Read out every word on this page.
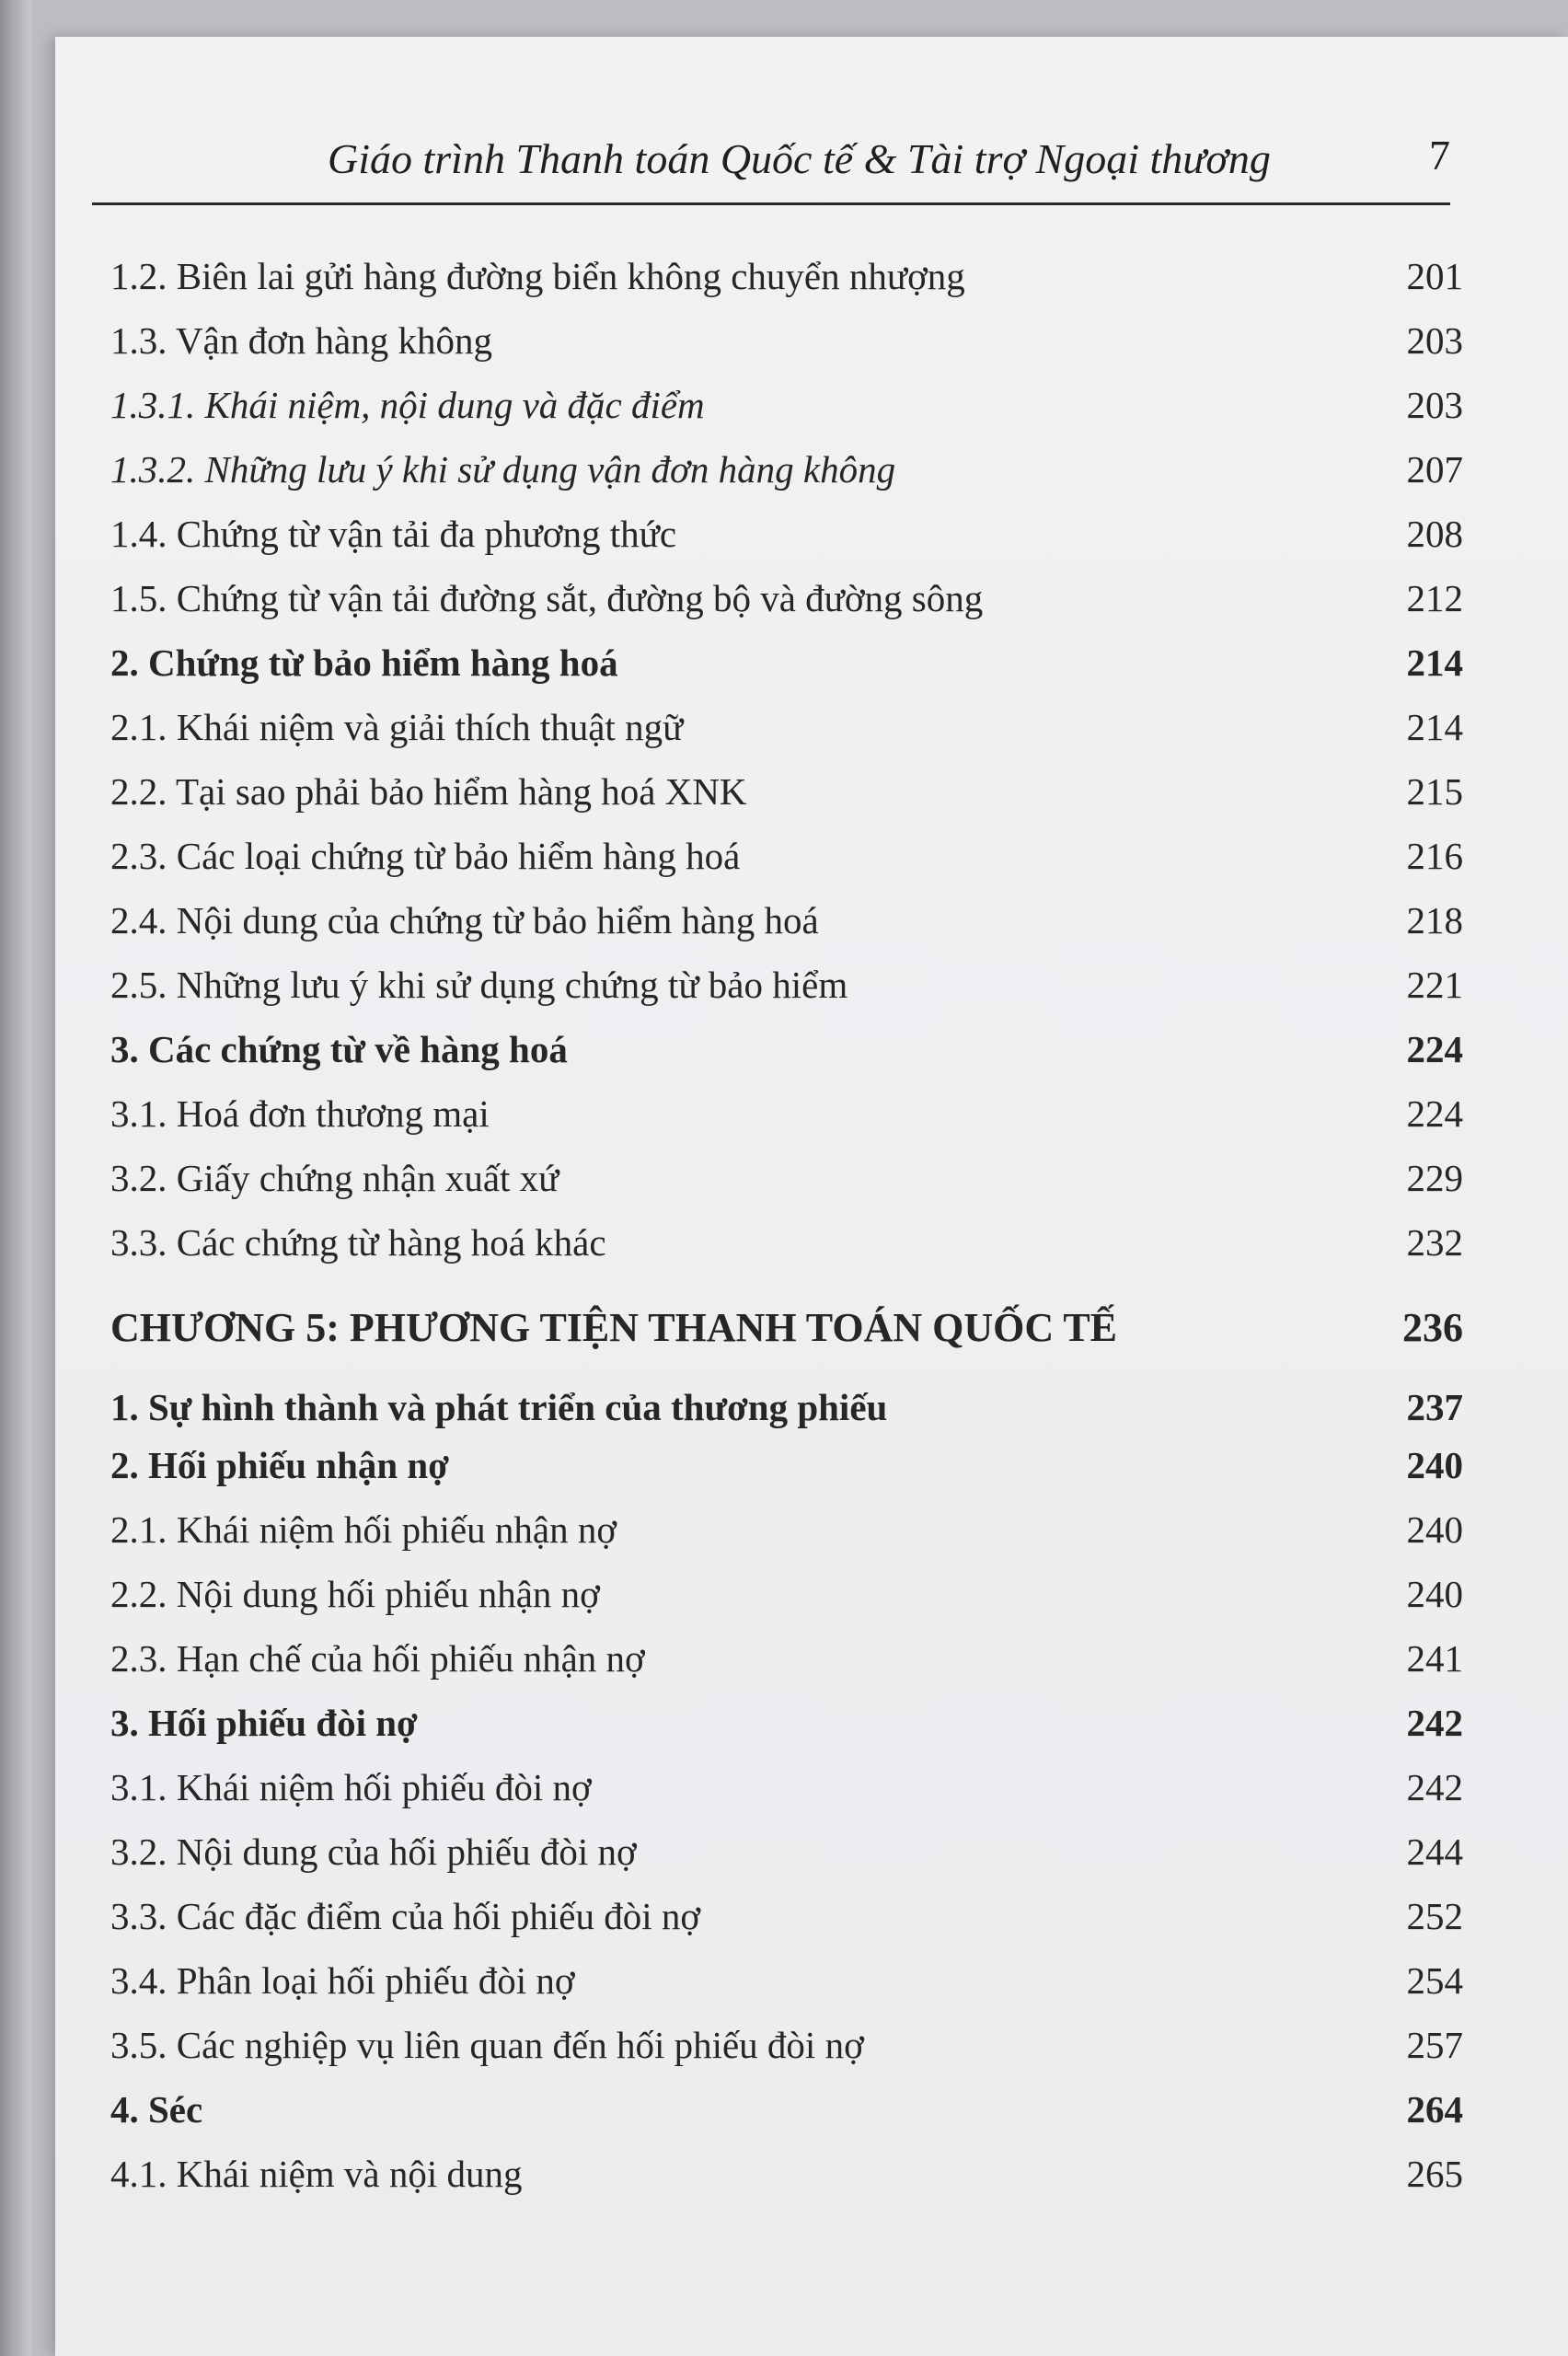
Giáo trình Thanh toán Quốc tế & Tài trợ Ngoại thương	7
1.2. Biên lai gửi hàng đường biển không chuyển nhượng	201
1.3. Vận đơn hàng không	203
1.3.1. Khái niệm, nội dung và đặc điểm	203
1.3.2. Những lưu ý khi sử dụng vận đơn hàng không	207
1.4. Chứng từ vận tải đa phương thức	208
1.5. Chứng từ vận tải đường sắt, đường bộ và đường sông	212
2. Chứng từ bảo hiểm hàng hoá	214
2.1. Khái niệm và giải thích thuật ngữ	214
2.2. Tại sao phải bảo hiểm hàng hoá XNK	215
2.3. Các loại chứng từ bảo hiểm hàng hoá	216
2.4. Nội dung của chứng từ bảo hiểm hàng hoá	218
2.5. Những lưu ý khi sử dụng chứng từ bảo hiểm	221
3. Các chứng từ về hàng hoá	224
3.1. Hoá đơn thương mại	224
3.2. Giấy chứng nhận xuất xứ	229
3.3. Các chứng từ hàng hoá khác	232
CHƯƠNG 5: PHƯƠNG TIỆN THANH TOÁN QUỐC TẾ	236
1. Sự hình thành và phát triển của thương phiếu	237
2. Hối phiếu nhận nợ	240
2.1. Khái niệm hối phiếu nhận nợ	240
2.2. Nội dung hối phiếu nhận nợ	240
2.3. Hạn chế của hối phiếu nhận nợ	241
3. Hối phiếu đòi nợ	242
3.1. Khái niệm hối phiếu đòi nợ	242
3.2. Nội dung của hối phiếu đòi nợ	244
3.3. Các đặc điểm của hối phiếu đòi nợ	252
3.4. Phân loại hối phiếu đòi nợ	254
3.5. Các nghiệp vụ liên quan đến hối phiếu đòi nợ	257
4. Séc	264
4.1. Khái niệm và nội dung	265
